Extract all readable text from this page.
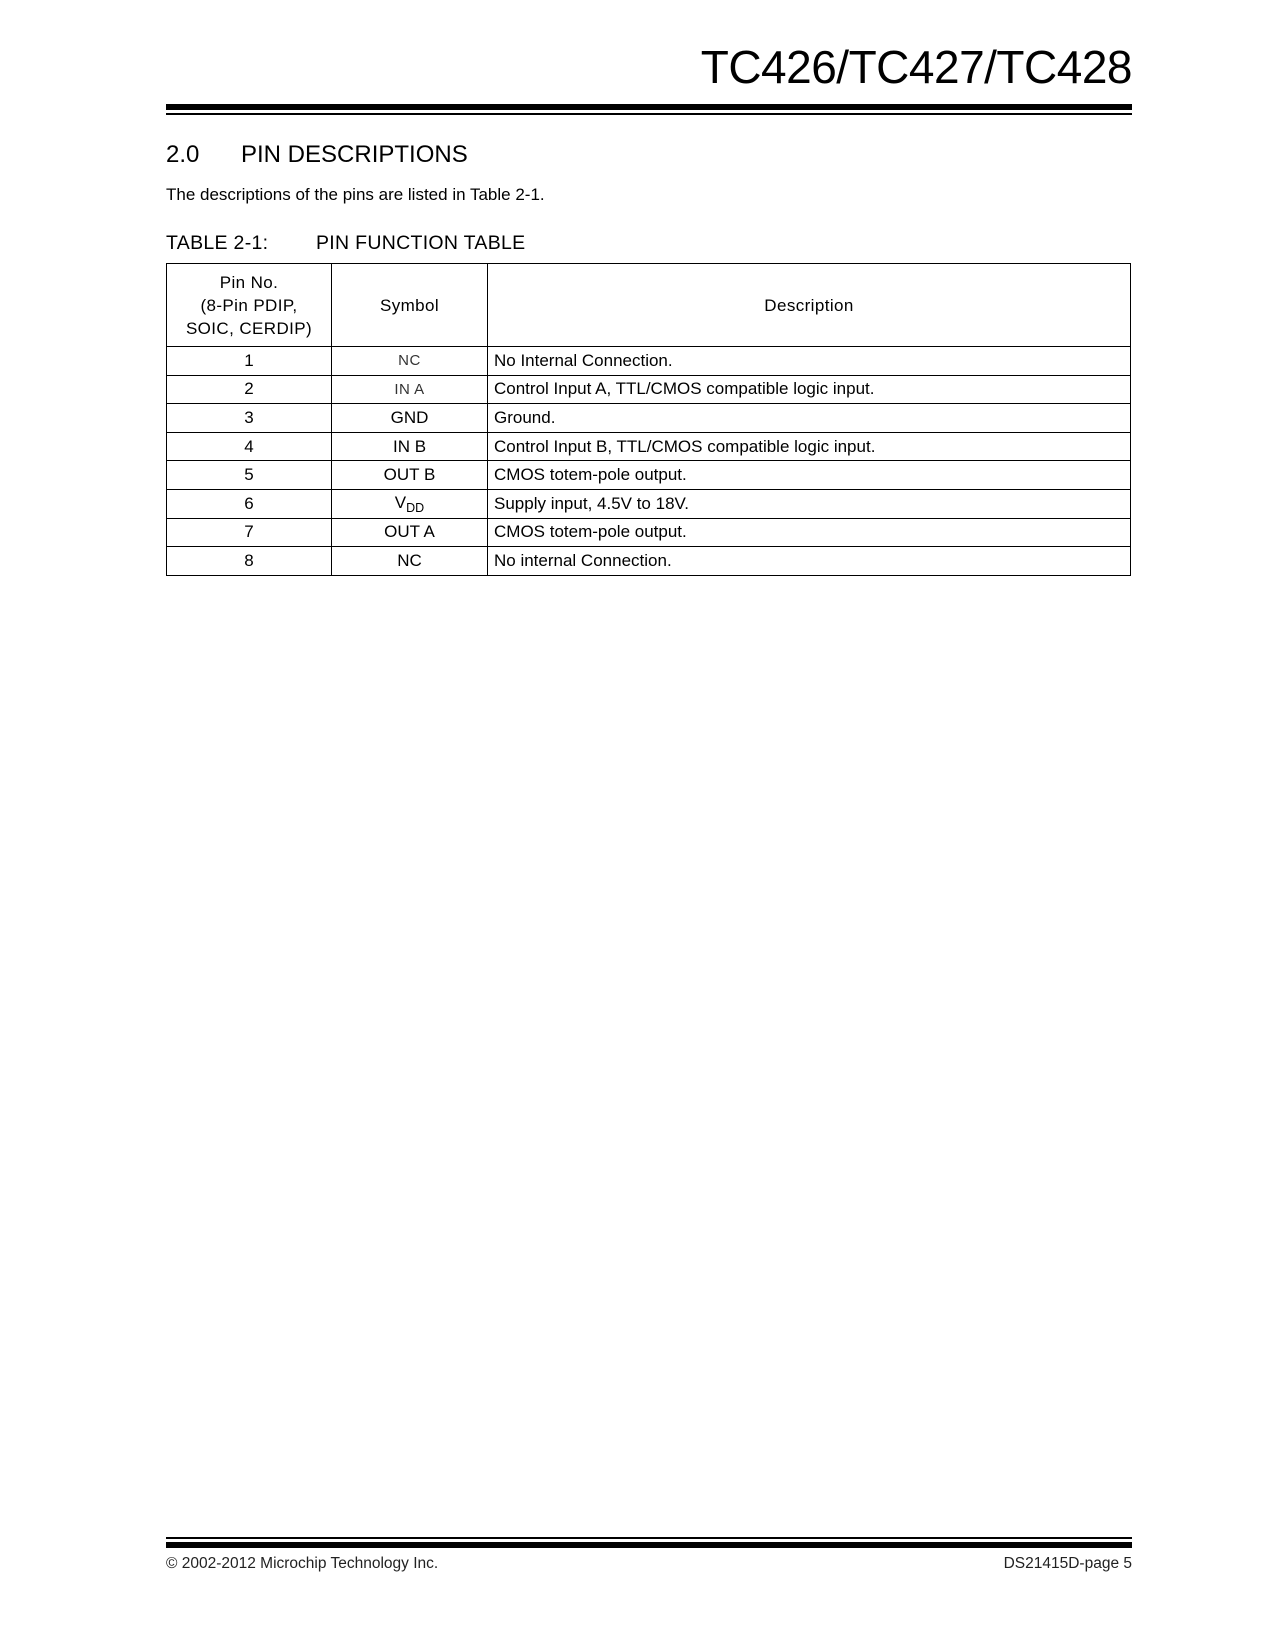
TC426/TC427/TC428
2.0 PIN DESCRIPTIONS
The descriptions of the pins are listed in Table 2-1.
TABLE 2-1: PIN FUNCTION TABLE
Pin No.
(8-Pin PDIP,
SOIC, CERDIP)	Symbol	Description
1	NC	No Internal Connection.
2	IN A	Control Input A, TTL/CMOS compatible logic input.
3	GND	Ground.
4	IN B	Control Input B, TTL/CMOS compatible logic input.
5	OUT B	CMOS totem-pole output.
6	$V_{DD}$	Supply input, 4.5V to 18V.
7	OUT A	CMOS totem-pole output.
8	NC	No internal Connection.
© 2002-2012 Microchip Technology Inc.	DS21415D-page 5
